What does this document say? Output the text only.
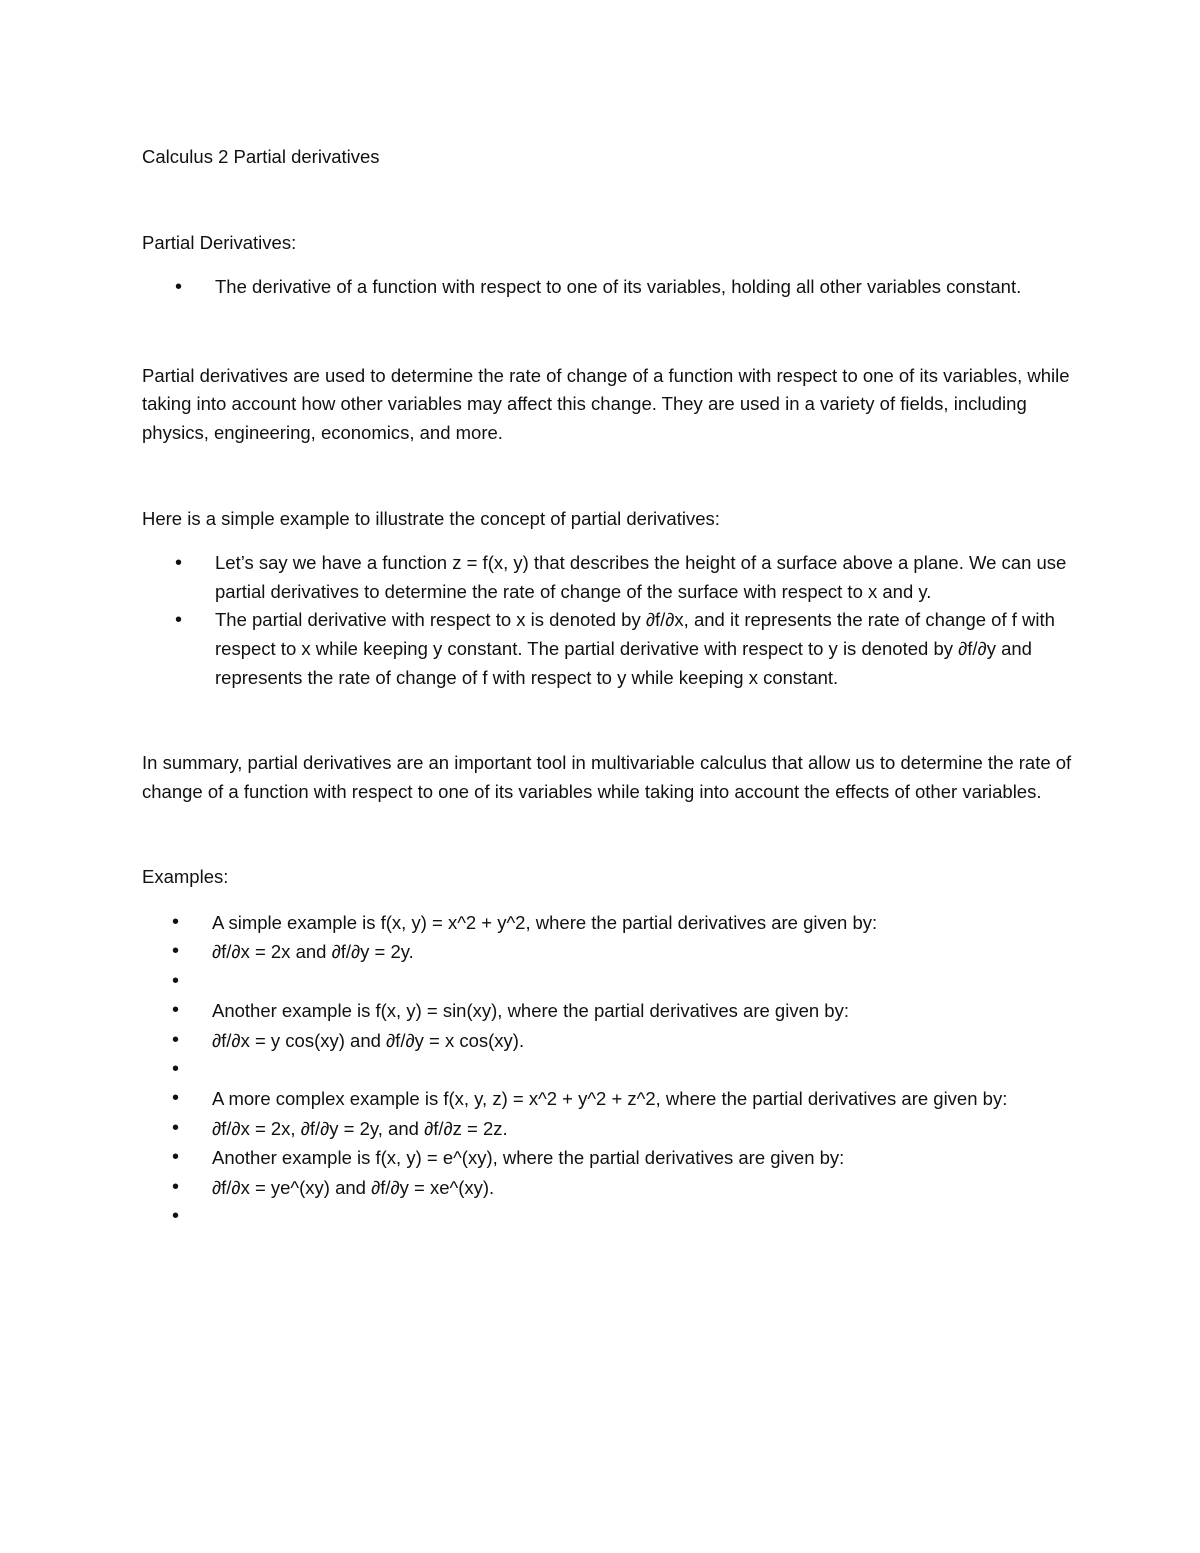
Calculus 2 Partial derivatives
Partial Derivatives:
• The derivative of a function with respect to one of its variables, holding all other variables constant.

Partial derivatives are used to determine the rate of change of a function with respect to one of its variables, while taking into account how other variables may affect this change. They are used in a variety of fields, including physics, engineering, economics, and more.

Here is a simple example to illustrate the concept of partial derivatives:

• Let’s say we have a function z = f(x, y) that describes the height of a surface above a plane. We can use partial derivatives to determine the rate of change of the surface with respect to x and y.
• The partial derivative with respect to x is denoted by ∂f/∂x, and it represents the rate of change of f with respect to x while keeping y constant. The partial derivative with respect to y is denoted by ∂f/∂y and represents the rate of change of f with respect to y while keeping x constant.

In summary, partial derivatives are an important tool in multivariable calculus that allow us to determine the rate of change of a function with respect to one of its variables while taking into account the effects of other variables.

Examples:
• A simple example is f(x, y) = x^2 + y^2, where the partial derivatives are given by:
• ∂f/∂x = 2x and ∂f/∂y = 2y.
•
• Another example is f(x, y) = sin(xy), where the partial derivatives are given by:
• ∂f/∂x = y cos(xy) and ∂f/∂y = x cos(xy).
•
• A more complex example is f(x, y, z) = x^2 + y^2 + z^2, where the partial derivatives are given by:
• ∂f/∂x = 2x, ∂f/∂y = 2y, and ∂f/∂z = 2z.
• Another example is f(x, y) = e^(xy), where the partial derivatives are given by:
• ∂f/∂x = ye^(xy) and ∂f/∂y = xe^(xy).
•
